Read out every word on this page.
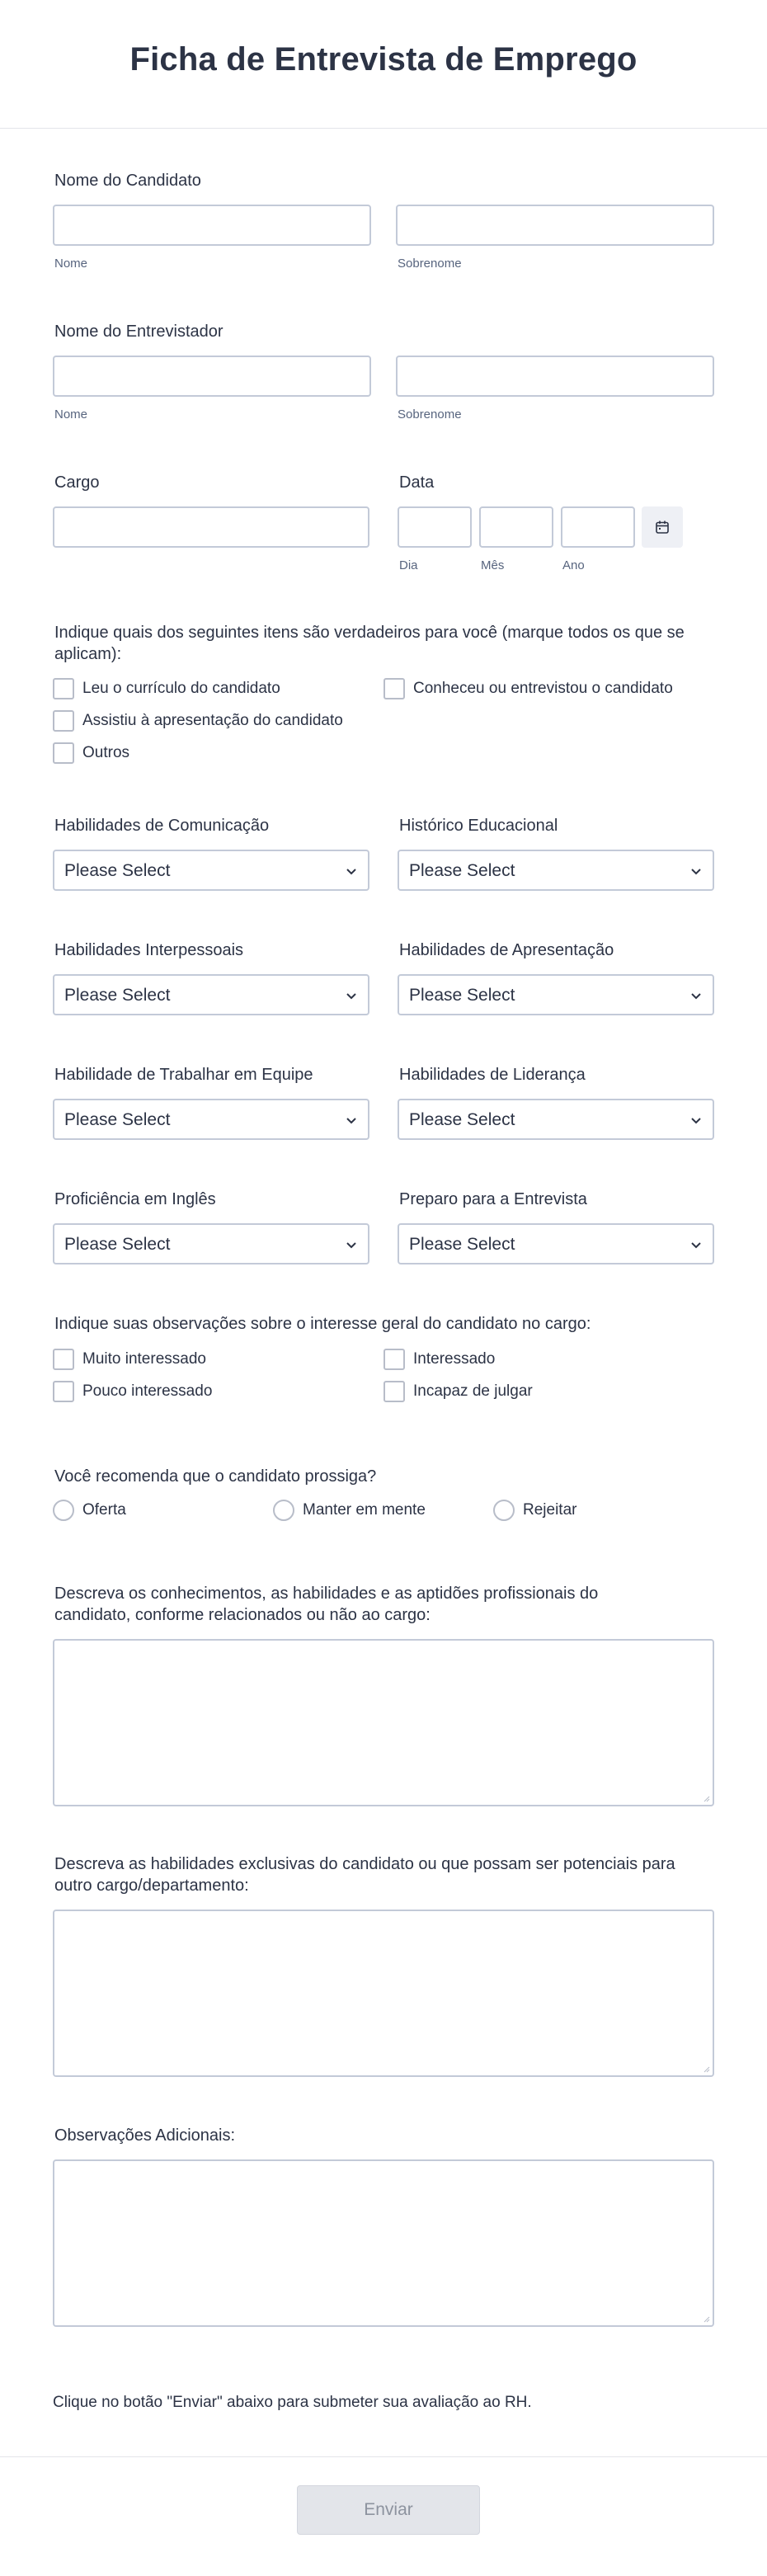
Ficha de Entrevista de Emprego
Nome do Candidato
Nome	Sobrenome
Nome do Entrevistador
Nome	Sobrenome
Cargo	Data
Dia	Mês	Ano
Indique quais dos seguintes itens são verdadeiros para você (marque todos os que se aplicam):
Leu o currículo do candidato	Conheceu ou entrevistou o candidato
Assistiu à apresentação do candidato
Outros
Habilidades de Comunicação
Please Select
Histórico Educacional
Please Select
Habilidades Interpessoais
Please Select
Habilidades de Apresentação
Please Select
Habilidade de Trabalhar em Equipe
Please Select
Habilidades de Liderança
Please Select
Proficiência em Inglês
Please Select
Preparo para a Entrevista
Please Select
Indique suas observações sobre o interesse geral do candidato no cargo:
Muito interessado	Interessado
Pouco interessado	Incapaz de julgar
Você recomenda que o candidato prossiga?
Oferta	Manter em mente	Rejeitar
Descreva os conhecimentos, as habilidades e as aptidões profissionais do
candidato, conforme relacionados ou não ao cargo:
Descreva as habilidades exclusivas do candidato ou que possam ser potenciais para
outro cargo/departamento:
Observações Adicionais:
Clique no botão "Enviar" abaixo para submeter sua avaliação ao RH.
Enviar
